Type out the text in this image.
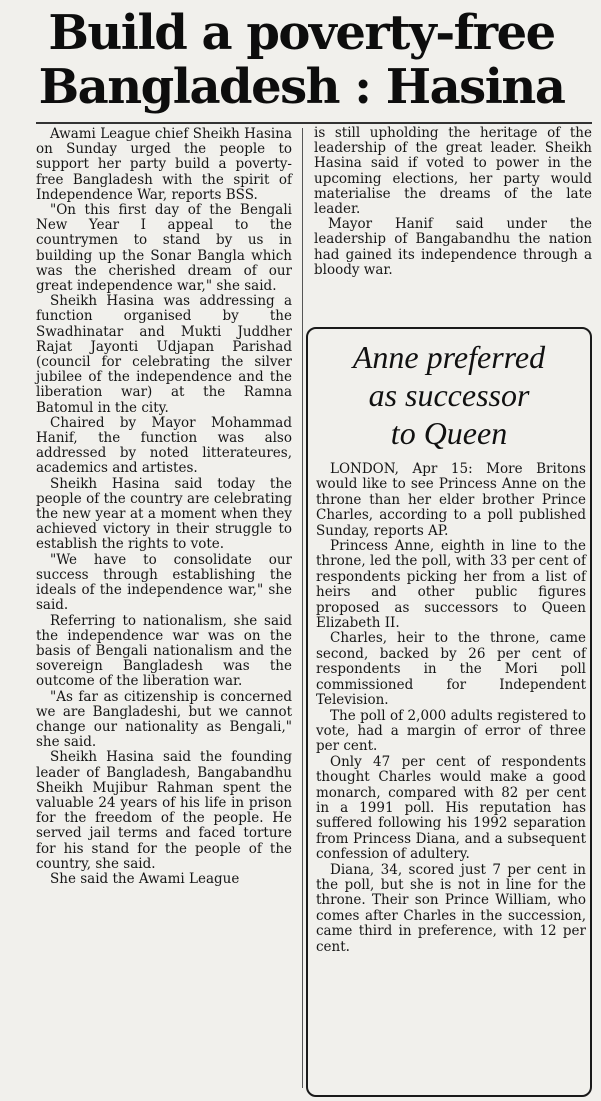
Build a poverty-free
Bangladesh : Hasina

Awami League chief Sheikh Hasina on Sunday urged the people to support her party build a poverty-free Bangladesh with the spirit of Independence War, reports BSS.

"On this first day of the Bengali New Year I appeal to the countrymen to stand by us in building up the Sonar Bangla which was the cherished dream of our great independence war," she said.

Sheikh Hasina was addressing a function organised by the Swadhinatar and Mukti Juddher Rajat Jayonti Udjapan Parishad (council for celebrating the silver jubilee of the independence and the liberation war) at the Ramna Batomul in the city.

Chaired by Mayor Mohammad Hanif, the function was also addressed by noted litterateures, academics and artistes.

Sheikh Hasina said today the people of the country are celebrating the new year at a moment when they achieved victory in their struggle to establish the rights to vote.

"We have to consolidate our success through establishing the ideals of the independence war," she said.

Referring to nationalism, she said the independence war was on the basis of Bengali nationalism and the sovereign Bangladesh was the outcome of the liberation war.

"As far as citizenship is concerned we are Bangladeshi, but we cannot change our nationality as Bengali," she said.

Sheikh Hasina said the founding leader of Bangladesh, Bangabandhu Sheikh Mujibur Rahman spent the valuable 24 years of his life in prison for the freedom of the people. He served jail terms and faced torture for his stand for the people of the country, she said.

She said the Awami League

is still upholding the heritage of the leadership of the great leader. Sheikh Hasina said if voted to power in the upcoming elections, her party would materialise the dreams of the late leader.

Mayor Hanif said under the leadership of Bangabandhu the nation had gained its independence through a bloody war.

Anne preferred
as successor
to Queen

LONDON, Apr 15: More Britons would like to see Princess Anne on the throne than her elder brother Prince Charles, according to a poll published Sunday, reports AP.

Princess Anne, eighth in line to the throne, led the poll, with 33 per cent of respondents picking her from a list of heirs and other public figures proposed as successors to Queen Elizabeth II.

Charles, heir to the throne, came second, backed by 26 per cent of respondents in the Mori poll commissioned for Independent Television.

The poll of 2,000 adults registered to vote, had a margin of error of three per cent.

Only 47 per cent of respondents thought Charles would make a good monarch, compared with 82 per cent in a 1991 poll. His reputation has suffered following his 1992 separation from Princess Diana, and a subsequent confession of adultery.

Diana, 34, scored just 7 per cent in the poll, but she is not in line for the throne. Their son Prince William, who comes after Charles in the succession, came third in preference, with 12 per cent.
